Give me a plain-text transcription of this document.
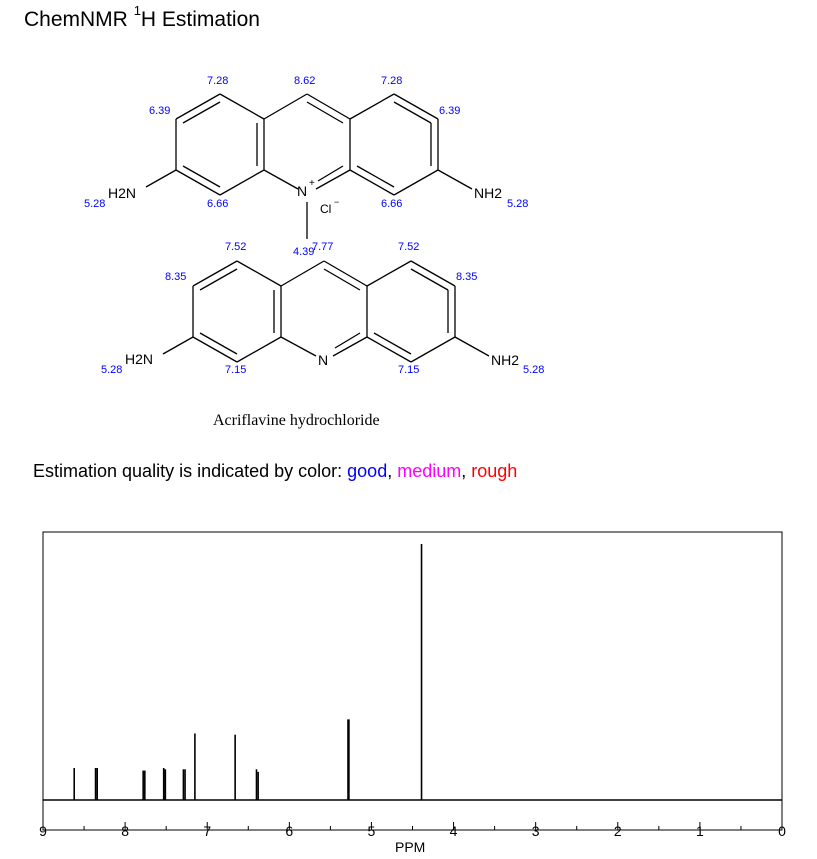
ChemNMR $^1$H Estimation
N +
Cl −
N
H2N	NH2
H2N	NH2
7.28	8.62	7.28
6.39	6.39
5.28	6.66	6.66	5.28
4.39
7.52	7.77	7.52
8.35	8.35
5.28	7.15	7.15	5.28
Acriflavine hydrochloride
Estimation quality is indicated by color: good, medium, rough
9	8	7	6	5	4	3	2	1	0
PPM
